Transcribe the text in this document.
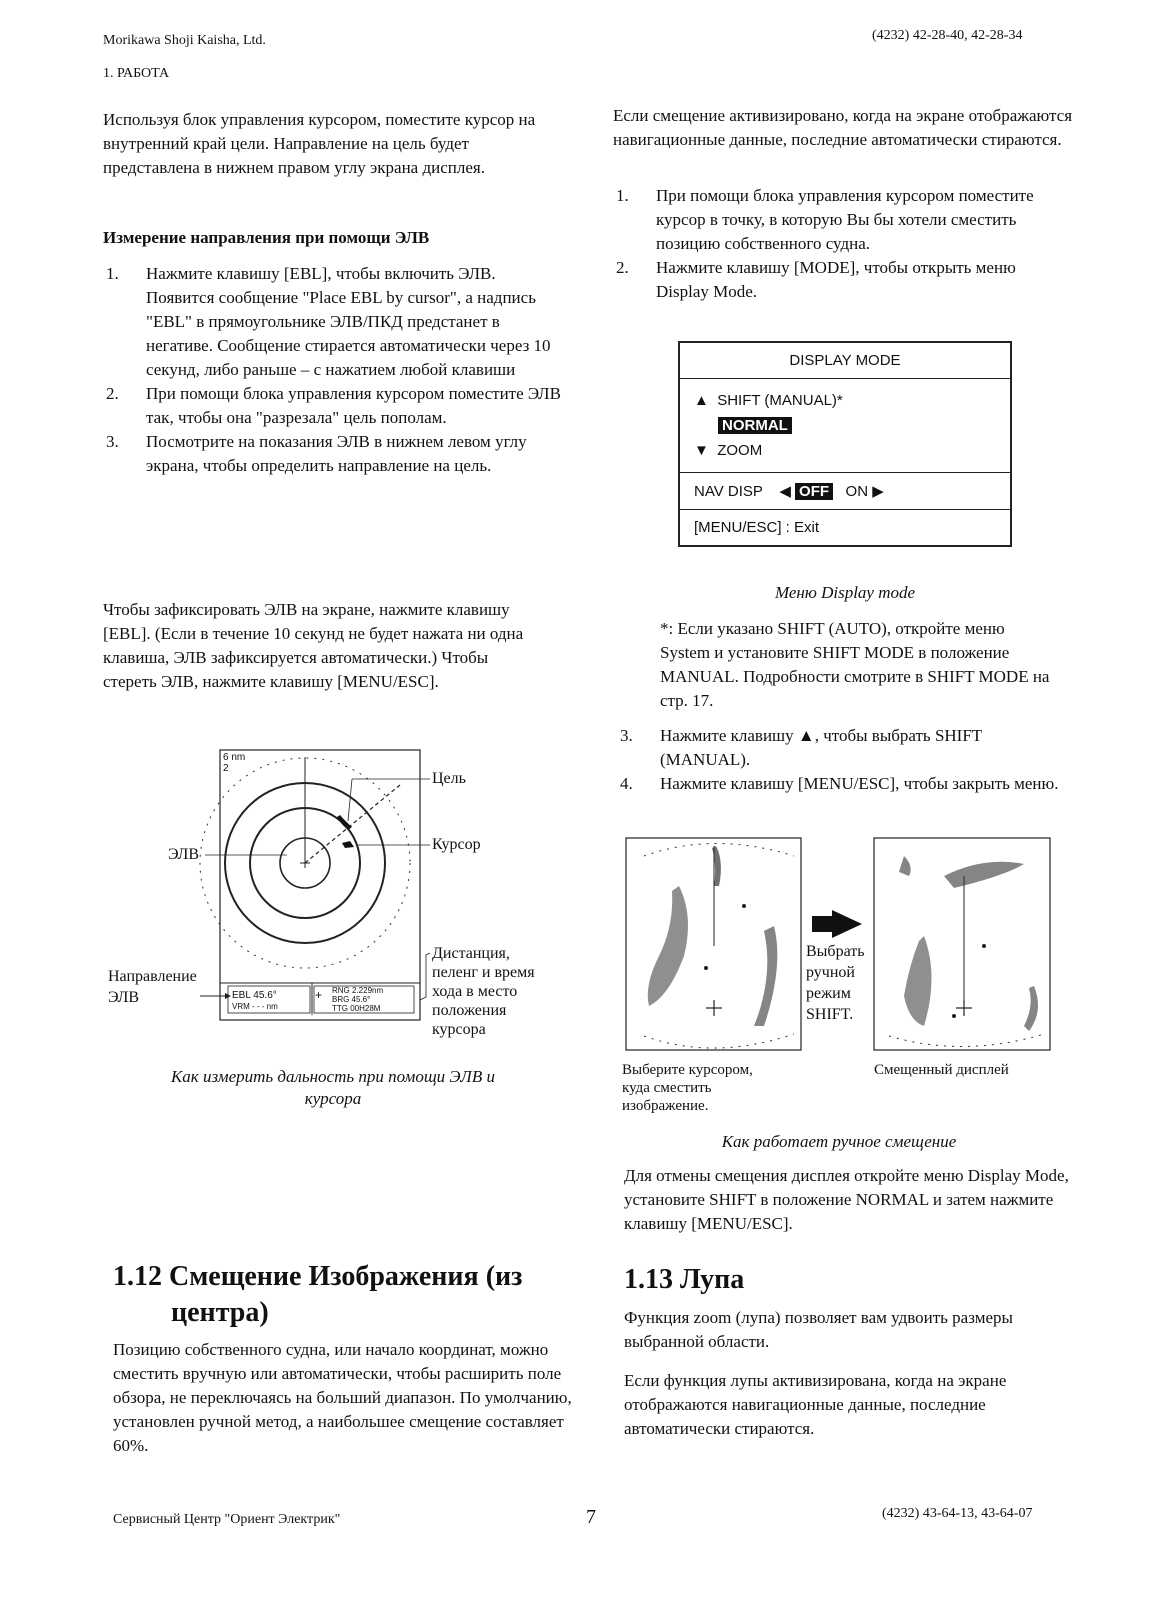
Morikawa Shoji Kaisha, Ltd.	(4232) 42-28-40, 42-28-34
1. РАБОТА
Используя блок управления курсором, поместите курсор на внутренний край цели. Направление на цель будет представлена в нижнем правом углу экрана дисплея.
Измерение направления при помощи ЭЛВ
1. Нажмите клавишу [EBL], чтобы включить ЭЛВ. Появится сообщение "Place EBL by cursor", а надпись "EBL" в прямоугольнике ЭЛВ/ПКД предстанет в негативе. Сообщение стирается автоматически через 10 секунд, либо раньше – с нажатием любой клавиши
2. При помощи блока управления курсором поместите ЭЛВ так, чтобы она "разрезала" цель пополам.
3. Посмотрите на показания ЭЛВ в нижнем левом углу экрана, чтобы определить направление на цель.
Чтобы зафиксировать ЭЛВ на экране, нажмите клавишу [EBL]. (Если в течение 10 секунд не будет нажата ни одна клавиша, ЭЛВ зафиксируется автоматически.) Чтобы стереть ЭЛВ, нажмите клавишу [MENU/ESC].
6 nm
2
EBL 45.6°
VRM - - - nm
+ RNG 2.229nm
BRG 45.6°
TTG 00H28M
Цель
Курсор
ЭЛВ
Направление
ЭЛВ
Дистанция,
пеленг и время
хода в место
положения
курсора
Как измерить дальность при помощи ЭЛВ и
курсора
1.12 Смещение Изображения (из
центра)
Позицию собственного судна, или начало координат, можно сместить вручную или автоматически, чтобы расширить поле обзора, не переключаясь на больший диапазон. По умолчанию, установлен ручной метод, а наибольшее смещение составляет 60%.
Если смещение активизировано, когда на экране отображаются навигационные данные, последние автоматически стираются.
1. При помощи блока управления курсором поместите курсор в точку, в которую Вы бы хотели сместить позицию собственного судна.
2. Нажмите клавишу [MODE], чтобы открыть меню Display Mode.
DISPLAY MODE
▲ SHIFT (MANUAL)*
NORMAL
▼ ZOOM
NAV DISP ◀ OFF ON ▶
[MENU/ESC] : Exit
Меню Display mode
*: Если указано SHIFT (AUTO), откройте меню System и установите SHIFT MODE в положение MANUAL. Подробности смотрите в SHIFT MODE на стр. 17.
3. Нажмите клавишу ▲, чтобы выбрать SHIFT (MANUAL).
4. Нажмите клавишу [MENU/ESC], чтобы закрыть меню.
Выбрать
ручной
режим
SHIFT.
Выберите курсором,
куда сместить
изображение.
Смещенный дисплей
Как работает ручное смещение
Для отмены смещения дисплея откройте меню Display Mode, установите SHIFT в положение NORMAL и затем нажмите клавишу [MENU/ESC].
1.13 Лупа
Функция zoom (лупа) позволяет вам удвоить размеры выбранной области.
Если функция лупы активизирована, когда на экране отображаются навигационные данные, последние автоматически стираются.
Сервисный Центр "Ориент Электрик"	7	(4232) 43-64-13, 43-64-07
